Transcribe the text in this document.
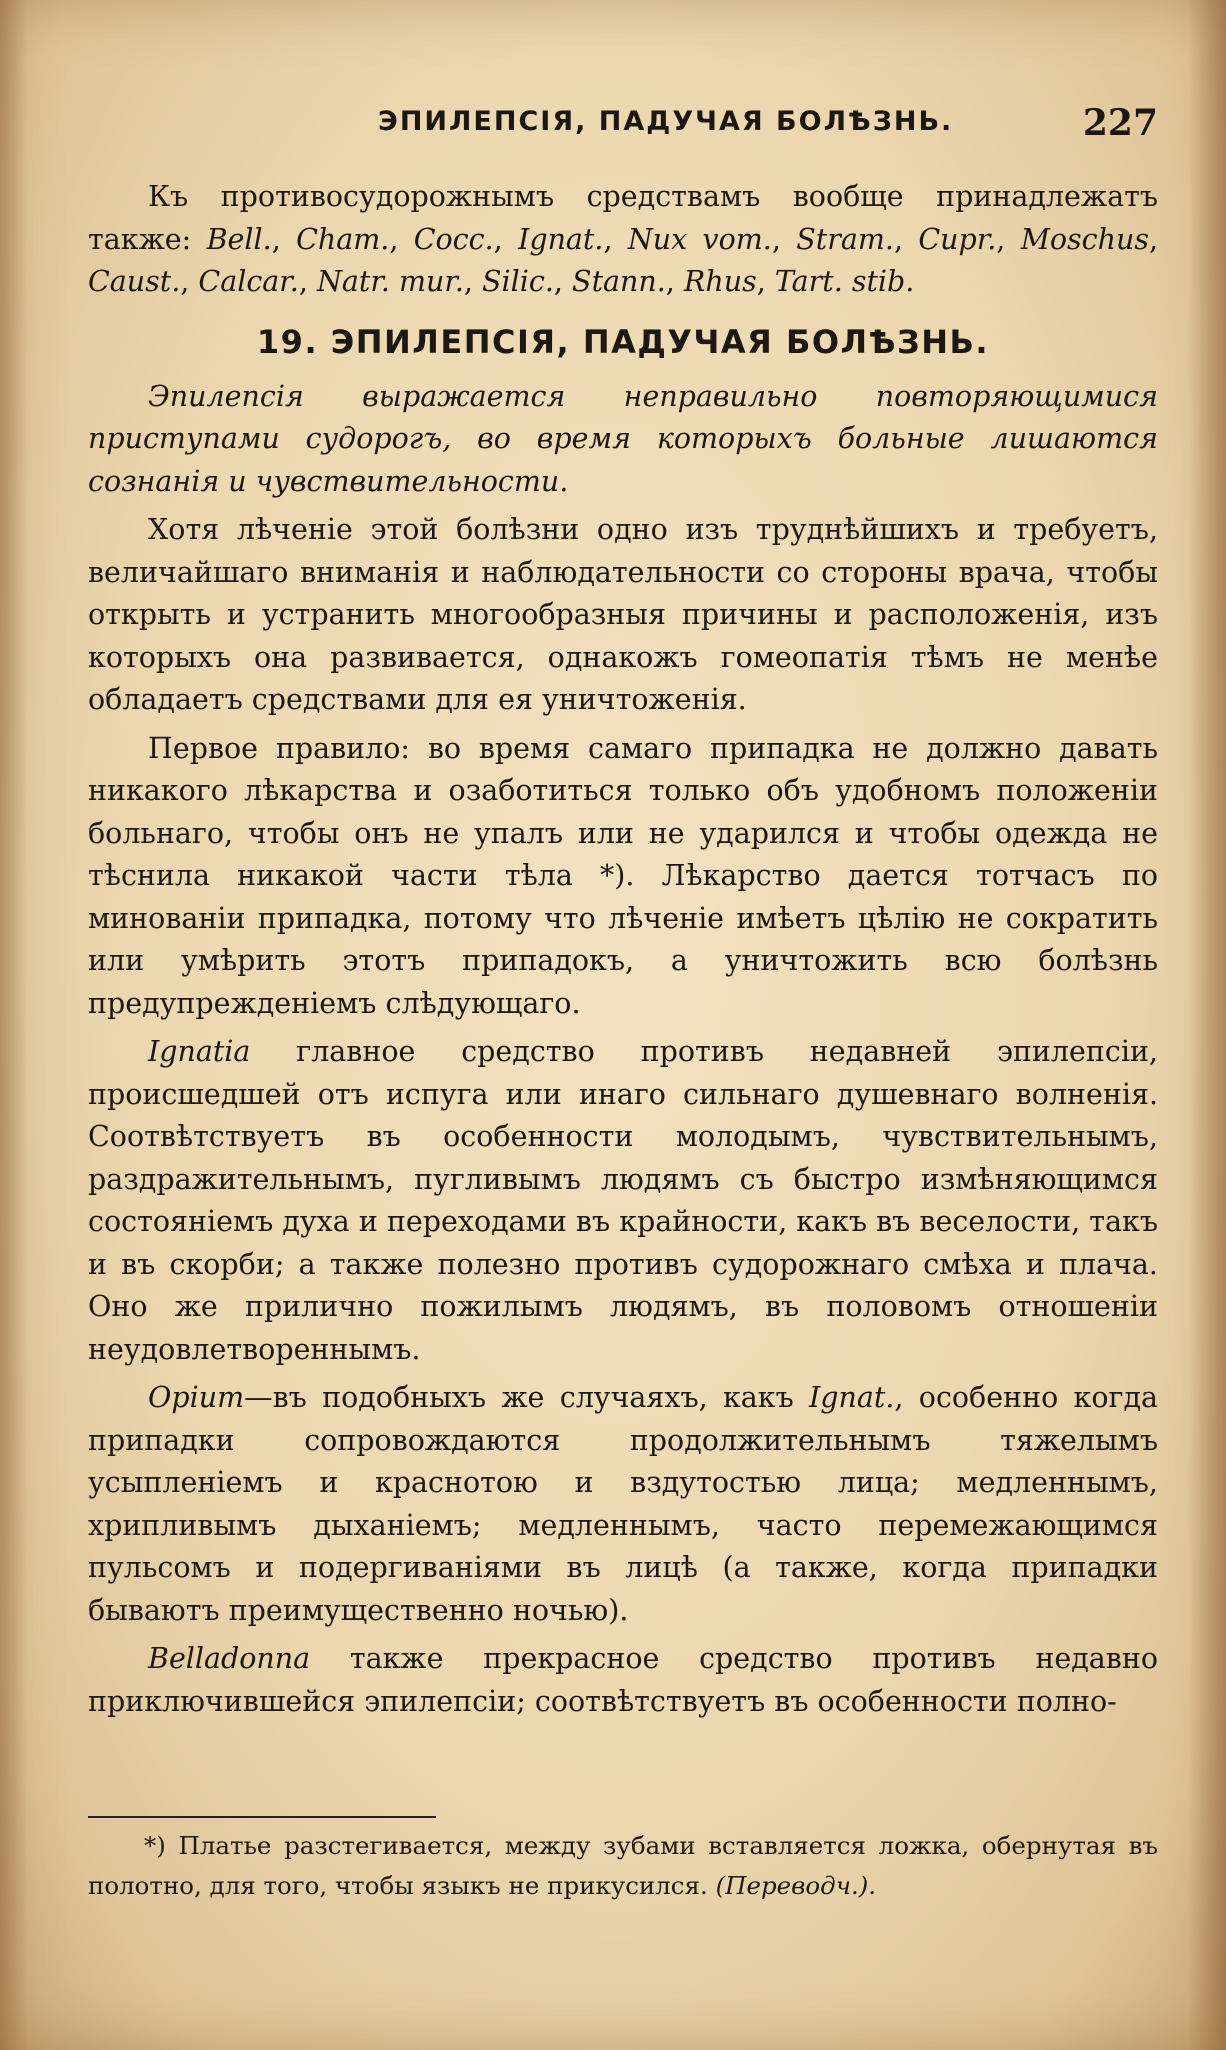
ЭПИЛЕПСІЯ, ПАДУЧАЯ БОЛѢЗНЬ.	227

Къ противосудорожнымъ средствамъ вообще принадлежатъ также: Bell., Cham., Cocc., Ignat., Nux vom., Stram., Cupr., Moschus, Caust., Calcar., Natr. mur., Silic., Stann., Rhus, Tart. stib.

19. ЭПИЛЕПСІЯ, ПАДУЧАЯ БОЛѢЗНЬ.

Эпилепсія выражается неправильно повторяющимися приступами судорогъ, во время которыхъ больные лишаются сознанія и чувствительности.

Хотя лѣченіе этой болѣзни одно изъ труднѣйшихъ и требуетъ, величайшаго вниманія и наблюдательности со стороны врача, чтобы открыть и устранить многообразныя причины и расположенія, изъ которыхъ она развивается, однакожъ гомеопатія тѣмъ не менѣе обладаетъ средствами для ея уничтоженія.

Первое правило: во время самаго припадка не должно давать никакого лѣкарства и озаботиться только объ удобномъ положеніи больнаго, чтобы онъ не упалъ или не ударился и чтобы одежда не тѣснила никакой части тѣла *). Лѣкарство дается тотчасъ по минованіи припадка, потому что лѣченіе имѣетъ цѣлію не сократить или умѣрить этотъ припадокъ, а уничтожить всю болѣзнь предупрежденіемъ слѣдующаго.

Ignatia главное средство противъ недавней эпилепсіи, происшедшей отъ испуга или инаго сильнаго душевнаго волненія. Соотвѣтствуетъ въ особенности молодымъ, чувствительнымъ, раздражительнымъ, пугливымъ людямъ съ быстро измѣняющимся состояніемъ духа и переходами въ крайности, какъ въ веселости, такъ и въ скорби; а также полезно противъ судорожнаго смѣха и плача. Оно же прилично пожилымъ людямъ, въ половомъ отношеніи неудовлетвореннымъ.

Opium—въ подобныхъ же случаяхъ, какъ Ignat., особенно когда припадки сопровождаются продолжительнымъ тяжелымъ усыпленіемъ и краснотою и вздутостью лица; медленнымъ, хрипливымъ дыханіемъ; медленнымъ, часто перемежающимся пульсомъ и подергиваніями въ лицѣ (а также, когда припадки бываютъ преимущественно ночью).

Belladonna также прекрасное средство противъ недавно приключившейся эпилепсіи; соотвѣтствуетъ въ особенности полно-

*) Платье разстегивается, между зубами вставляется ложка, обернутая въ полотно, для того, чтобы языкъ не прикусился. (Переводч.).
